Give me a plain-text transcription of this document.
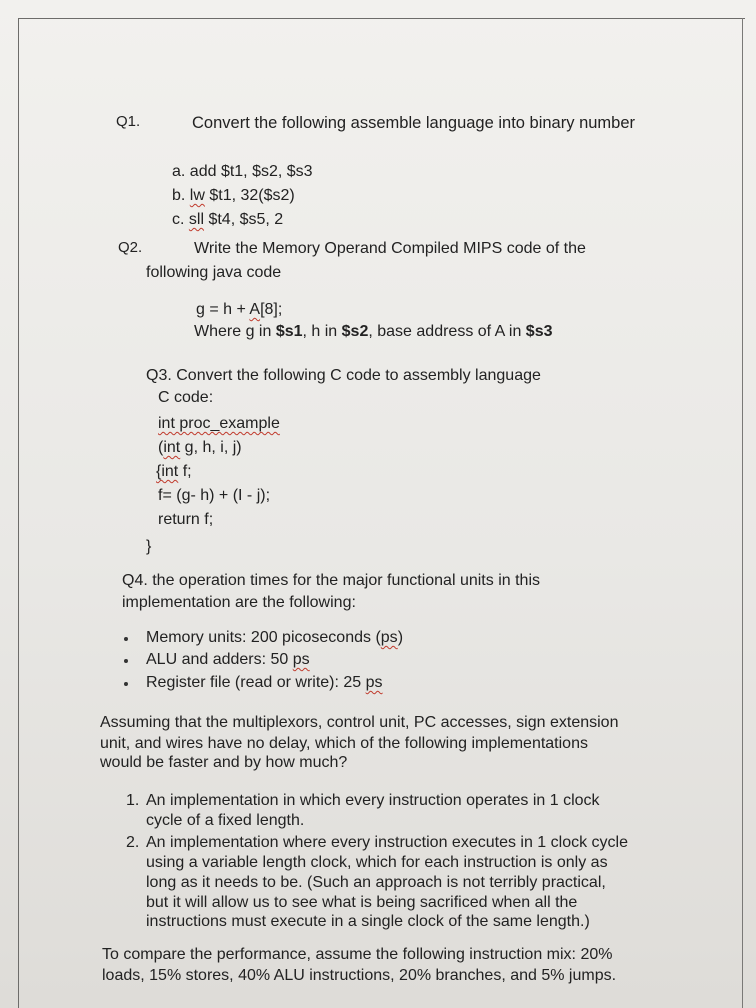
Q1.	Convert the following assemble language into binary number
a. add $t1, $s2, $s3
b. lw $t1, 32($s2)
c. sll $t4, $s5, 2
Q2.	Write the Memory Operand Compiled MIPS code of the
following java code
g = h + A[8];
Where g in $s1, h in $s2, base address of A in $s3
Q3. Convert the following C code to assembly language
C code:
int proc_example
(int g, h, i, j)
{int f;
f= (g- h) + (I - j);
return f;
}
Q4. the operation times for the major functional units in this
implementation are the following:
Memory units: 200 picoseconds (ps)
ALU and adders: 50 ps
Register file (read or write): 25 ps
Assuming that the multiplexors, control unit, PC accesses, sign extension
unit, and wires have no delay, which of the following implementations
would be faster and by how much?
1. An implementation in which every instruction operates in 1 clock
cycle of a fixed length.
2. An implementation where every instruction executes in 1 clock cycle
using a variable length clock, which for each instruction is only as
long as it needs to be. (Such an approach is not terribly practical,
but it will allow us to see what is being sacrificed when all the
instructions must execute in a single clock of the same length.)
To compare the performance, assume the following instruction mix: 20%
loads, 15% stores, 40% ALU instructions, 20% branches, and 5% jumps.
